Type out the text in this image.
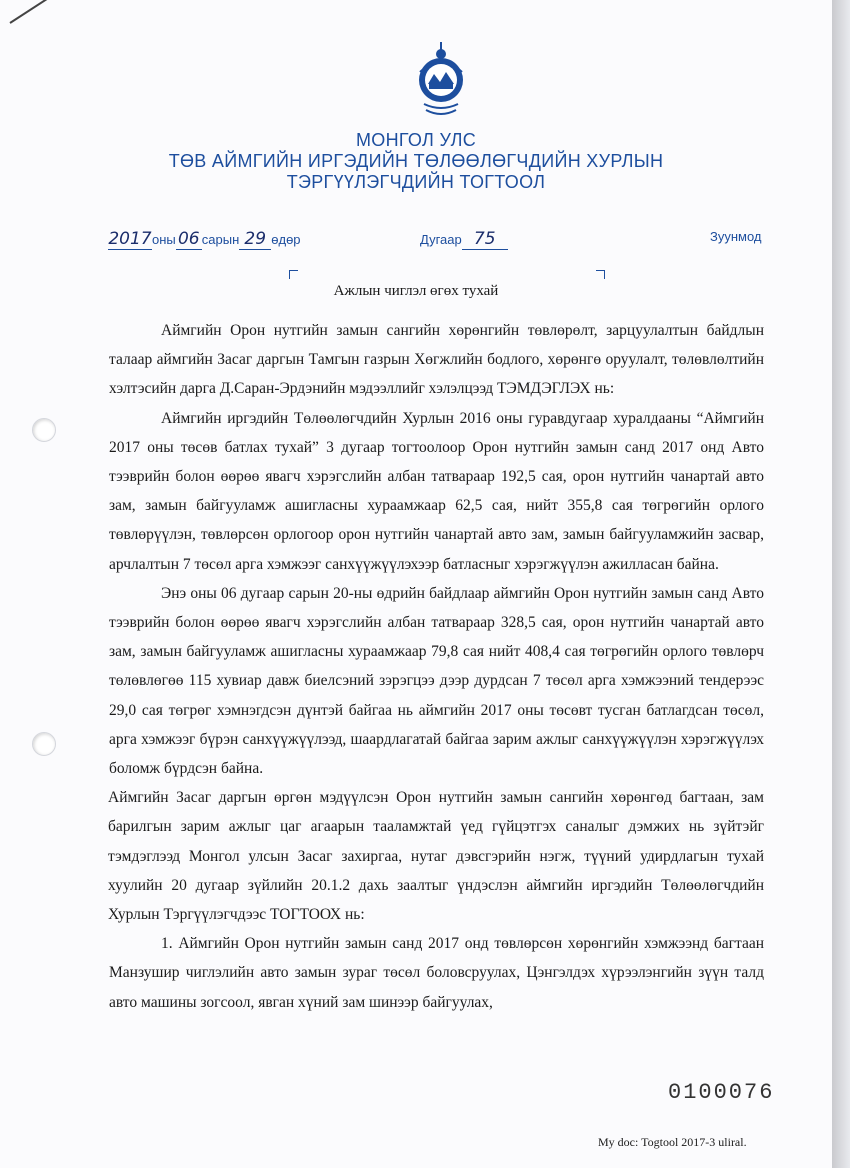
МОНГОЛ УЛС
ТӨВ АЙМГИЙН ИРГЭДИЙН ТӨЛӨӨЛӨГЧДИЙН ХУРЛЫН
ТЭРГҮҮЛЭГЧДИЙН ТОГТООЛ
2017оны 06 сарын 29 өдөр	Дугаар 75	Зуунмод
Ажлын чиглэл өгөх тухай

Аймгийн Орон нутгийн замын сангийн хөрөнгийн төвлөрөлт, зарцуулалтын байдлын талаар аймгийн Засаг даргын Тамгын газрын Хөгжлийн бодлого, хөрөнгө оруулалт, төлөвлөлтийн хэлтэсийн дарга Д.Саран-Эрдэнийн мэдээллийг хэлэлцээд ТЭМДЭГЛЭХ нь:

Аймгийн иргэдийн Төлөөлөгчдийн Хурлын 2016 оны гуравдугаар хуралдааны “Аймгийн 2017 оны төсөв батлах тухай” 3 дугаар тогтоолоор Орон нутгийн замын санд 2017 онд Авто тээврийн болон өөрөө явагч хэрэгслийн албан татвараар 192,5 сая, орон нутгийн чанартай авто зам, замын байгууламж ашигласны хураамжаар 62,5 сая, нийт 355,8 сая төгрөгийн орлого төвлөрүүлэн, төвлөрсөн орлогоор орон нутгийн чанартай авто зам, замын байгууламжийн засвар, арчлалтын 7 төсөл арга хэмжээг санхүүжүүлэхээр батласныг хэрэгжүүлэн ажилласан байна.

Энэ оны 06 дугаар сарын 20-ны өдрийн байдлаар аймгийн Орон нутгийн замын санд Авто тээврийн болон өөрөө явагч хэрэгслийн албан татвараар 328,5 сая, орон нутгийн чанартай авто зам, замын байгууламж ашигласны хураамжаар 79,8 сая нийт 408,4 сая төгрөгийн орлого төвлөрч төлөвлөгөө 115 хувиар давж биелсэний зэрэгцээ дээр дурдсан 7 төсөл арга хэмжээний тендерээс 29,0 сая төгрөг хэмнэгдсэн дүнтэй байгаа нь аймгийн 2017 оны төсөвт тусган батлагдсан төсөл, арга хэмжээг бүрэн санхүүжүүлээд, шаардлагатай байгаа зарим ажлыг санхүүжүүлэн хэрэгжүүлэх боломж бүрдсэн байна.

Аймгийн Засаг даргын өргөн мэдүүлсэн Орон нутгийн замын сангийн хөрөнгөд багтаан, зам барилгын зарим ажлыг цаг агаарын тааламжтай үед гүйцэтгэх саналыг дэмжих нь зүйтэйг тэмдэглээд Монгол улсын Засаг захиргаа, нутаг дэвсгэрийн нэгж, түүний удирдлагын тухай хуулийн 20 дугаар зүйлийн 20.1.2 дахь заалтыг үндэслэн аймгийн иргэдийн Төлөөлөгчдийн Хурлын Тэргүүлэгчдээс ТОГТООХ нь:

1. Аймгийн Орон нутгийн замын санд 2017 онд төвлөрсөн хөрөнгийн хэмжээнд багтаан Манзушир чиглэлийн авто замын зураг төсөл боловсруулах, Цэнгэлдэх хүрээлэнгийн зүүн талд авто машины зогсоол, явган хүний зам шинээр байгуулах,

0100076
My doc: Togtool 2017-3 uliral.
